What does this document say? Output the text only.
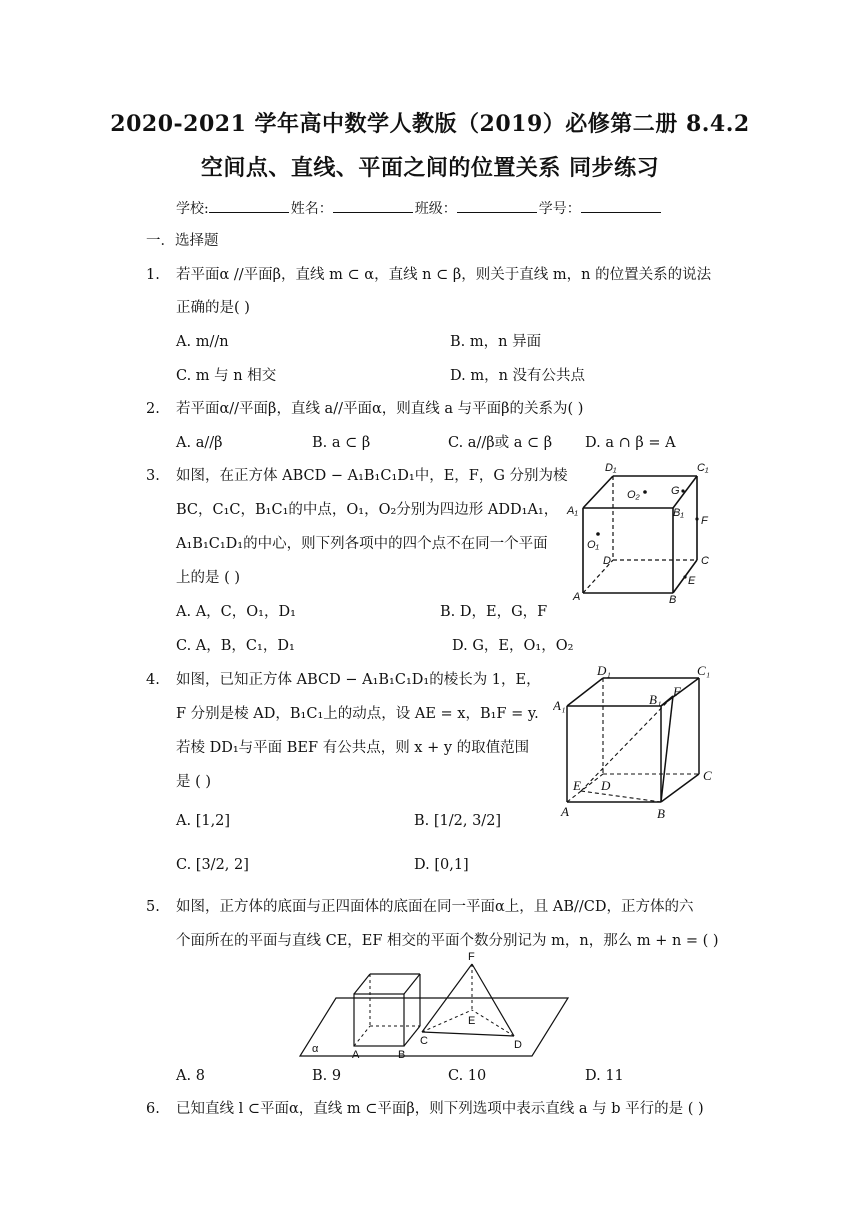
2020-2021 学年高中数学人教版（2019）必修第二册 8.4.2
空间点、直线、平面之间的位置关系 同步练习
学校:	姓名：	班级：	学号：
一．选择题
1. 若平面α //平面β，直线 m ⊂ α，直线 n ⊂ β，则关于直线 m，n 的位置关系的说法
正确的是( )
A. m//n	B. m，n 异面
C. m 与 n 相交	D. m，n 没有公共点
2. 若平面α//平面β，直线 a//平面α，则直线 a 与平面β的关系为( )
A. a//β	B. a ⊂ β	C. a//β或 a ⊂ β D. a ∩ β = A
3. 如图，在正方体 ABCD − A₁B₁C₁D₁中，E，F，G 分别为棱
BC，C₁C，B₁C₁的中点，O₁，O₂分别为四边形 ADD₁A₁，
A₁B₁C₁D₁的中心，则下列各项中的四个点不在同一个平面
上的是 ( )
A. A，C，O₁，D₁	B. D，E，G，F
C. A，B，C₁，D₁	D. G，E，O₁，O₂
D₁	C₁
O₂	G
A₁	B₁
F
O₁
D	C
E
A	B
4. 如图，已知正方体 ABCD − A₁B₁C₁D₁的棱长为 1，E，
F 分别是棱 AD，B₁C₁上的动点，设 AE = x，B₁F = y.
若棱 DD₁与平面 BEF 有公共点，则 x + y 的取值范围
是 ( )
A. [1,2]	B. [1/2, 3/2]
C. [3/2, 2]	D. [0,1]
D₁	C₁
A₁	B₁
F
E D
C
A	B
5. 如图，正方体的底面与正四面体的底面在同一平面α上，且 AB//CD，正方体的六
个面所在的平面与直线 CE，EF 相交的平面个数分别记为 m，n，那么 m + n = ( )
F
α	A	B
C
E
D
A. 8	B. 9	C. 10	D. 11
6. 已知直线 l ⊂平面α，直线 m ⊂平面β，则下列选项中表示直线 a 与 b 平行的是 ( )
